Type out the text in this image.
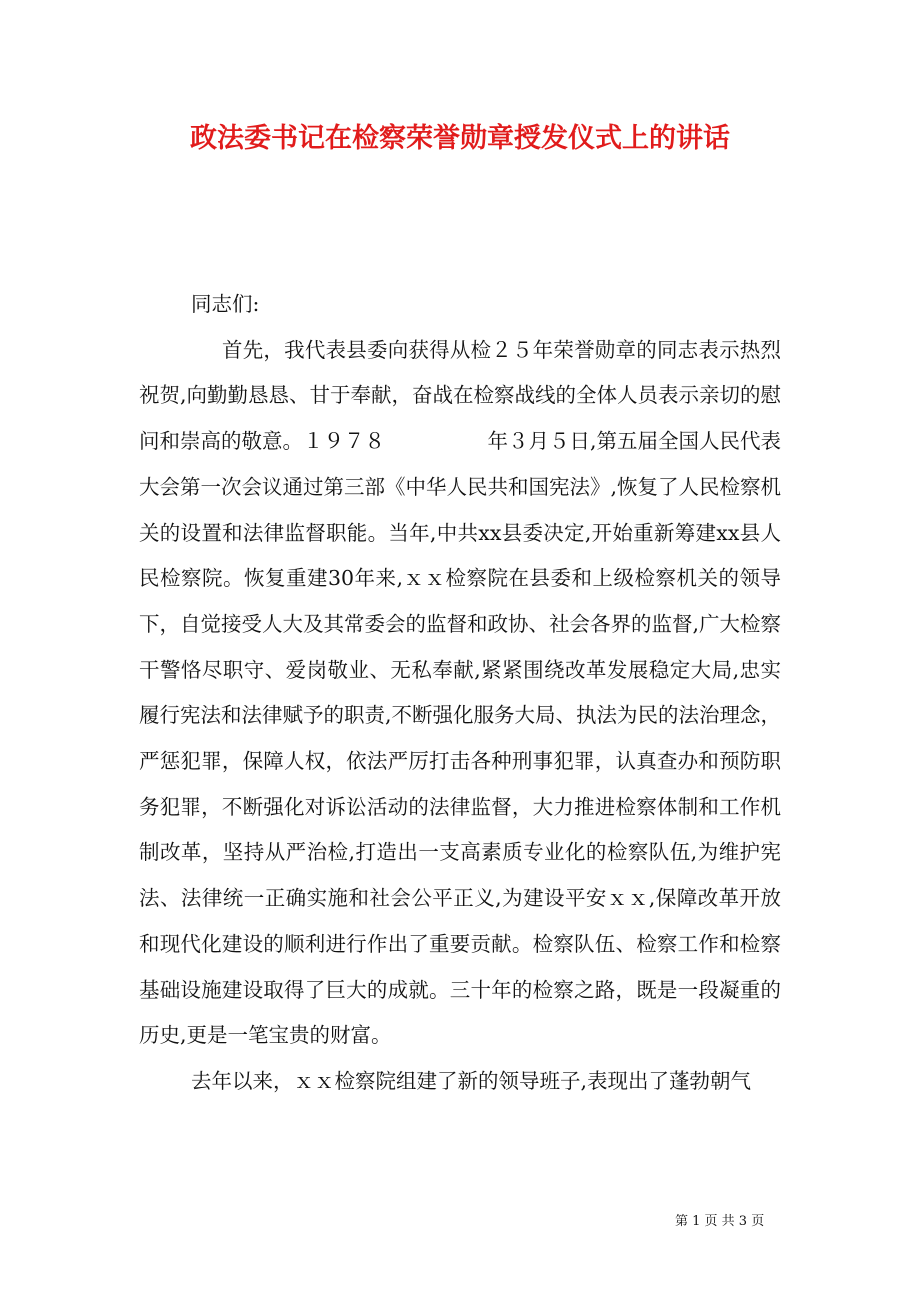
政法委书记在检察荣誉勋章授发仪式上的讲话

同志们:

首先，我代表县委向获得从检２５年荣誉勋章的同志表示热烈祝贺,向勤勤恳恳、甘于奉献，奋战在检察战线的全体人员表示亲切的慰问和崇高的敬意。１９７８　　　　　年３月５日,第五届全国人民代表大会第一次会议通过第三部《中华人民共和国宪法》,恢复了人民检察机关的设置和法律监督职能。当年,中共xx县委决定,开始重新筹建xx县人民检察院。恢复重建30年来,ｘｘ检察院在县委和上级检察机关的领导下，自觉接受人大及其常委会的监督和政协、社会各界的监督,广大检察干警恪尽职守、爱岗敬业、无私奉献,紧紧围绕改革发展稳定大局,忠实履行宪法和法律赋予的职责,不断强化服务大局、执法为民的法治理念，严惩犯罪，保障人权，依法严厉打击各种刑事犯罪，认真查办和预防职务犯罪，不断强化对诉讼活动的法律监督，大力推进检察体制和工作机制改革，坚持从严治检,打造出一支高素质专业化的检察队伍,为维护宪法、法律统一正确实施和社会公平正义,为建设平安ｘｘ,保障改革开放和现代化建设的顺利进行作出了重要贡献。检察队伍、检察工作和检察基础设施建设取得了巨大的成就。三十年的检察之路，既是一段凝重的历史,更是一笔宝贵的财富。

去年以来，ｘｘ检察院组建了新的领导班子,表现出了蓬勃朝气

第 1 页 共 3 页
